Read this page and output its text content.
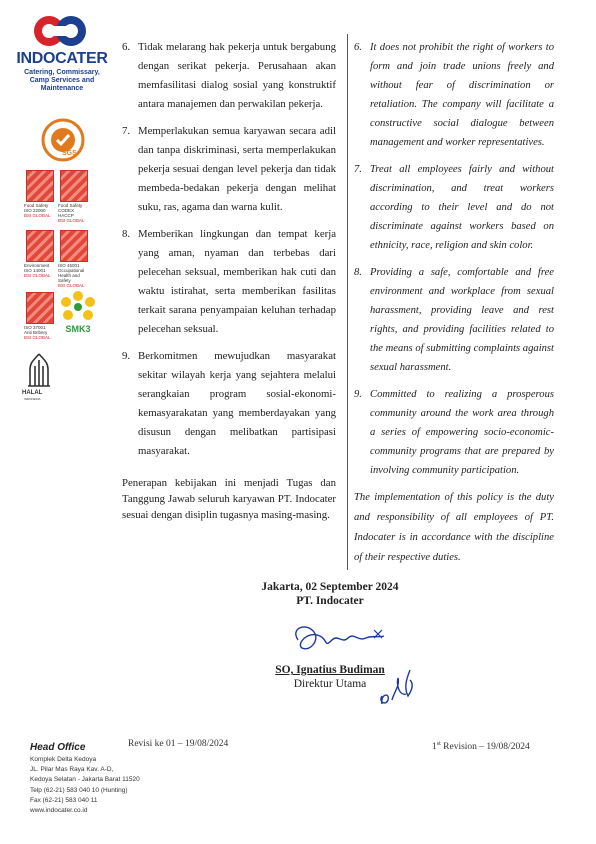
INDOCATER
Catering, Commissary,
Camp Services and
Maintenance
SGS
Food Safety
ISO 22000
BSI GLOBAL
Food Safety
CODEX
HACCP
BSI GLOBAL
Environment
ISO 14001
BSI GLOBAL
ISO 45001
Occupational
Health and
Safety
BSI GLOBAL
ISO 37001
Anti Bribery
BSI GLOBAL
SMK3
HALAL
INDONESIA
6. Tidak melarang hak pekerja untuk bergabung dengan serikat pekerja. Perusahaan akan memfasilitasi dialog sosial yang konstruktif antara manajemen dan perwakilan pekerja.
7. Memperlakukan semua karyawan secara adil dan tanpa diskriminasi, serta memperlakukan pekerja sesuai dengan level pekerja dan tidak membeda-bedakan pekerja dengan melihat suku, ras, agama dan warna kulit.
8. Memberikan lingkungan dan tempat kerja yang aman, nyaman dan terbebas dari pelecehan seksual, memberikan hak cuti dan waktu istirahat, serta memberikan fasilitas terkait sarana penyampaian keluhan terhadap pelecehan seksual.
9. Berkomitmen mewujudkan masyarakat sekitar wilayah kerja yang sejahtera melalui serangkaian program sosial-ekonomi-kemasyarakatan yang memberdayakan yang disusun dengan melibatkan partisipasi masyarakat.
Penerapan kebijakan ini menjadi Tugas dan Tanggung Jawab seluruh karyawan PT. Indocater sesuai dengan disiplin tugasnya masing-masing.
6. It does not prohibit the right of workers to form and join trade unions freely and without fear of discrimination or retaliation. The company will facilitate a constructive social dialogue between management and worker representatives.
7. Treat all employees fairly and without discrimination, and treat workers according to their level and do not discriminate against workers based on ethnicity, race, religion and skin color.
8. Providing a safe, comfortable and free environment and workplace from sexual harassment, providing leave and rest rights, and providing facilities related to the means of submitting complaints against sexual harassment.
9. Committed to realizing a prosperous community around the work area through a series of empowering socio-economic-community programs that are prepared by involving community participation.
The implementation of this policy is the duty and responsibility of all employees of PT. Indocater is in accordance with the discipline of their respective duties.
Jakarta, 02 September 2024
PT. Indocater
SO, Ignatius Budiman
Direktur Utama
Revisi ke 01 – 19/08/2024	1st Revision – 19/08/2024
Head Office
Komplek Delta Kedoya
JL. Pilar Mas Raya Kav. A-D,
Kedoya Selatan - Jakarta Barat 11520
Telp (62-21) 583 040 10 (Hunting)
Fax (62-21) 583 040 11
www.indocater.co.id
